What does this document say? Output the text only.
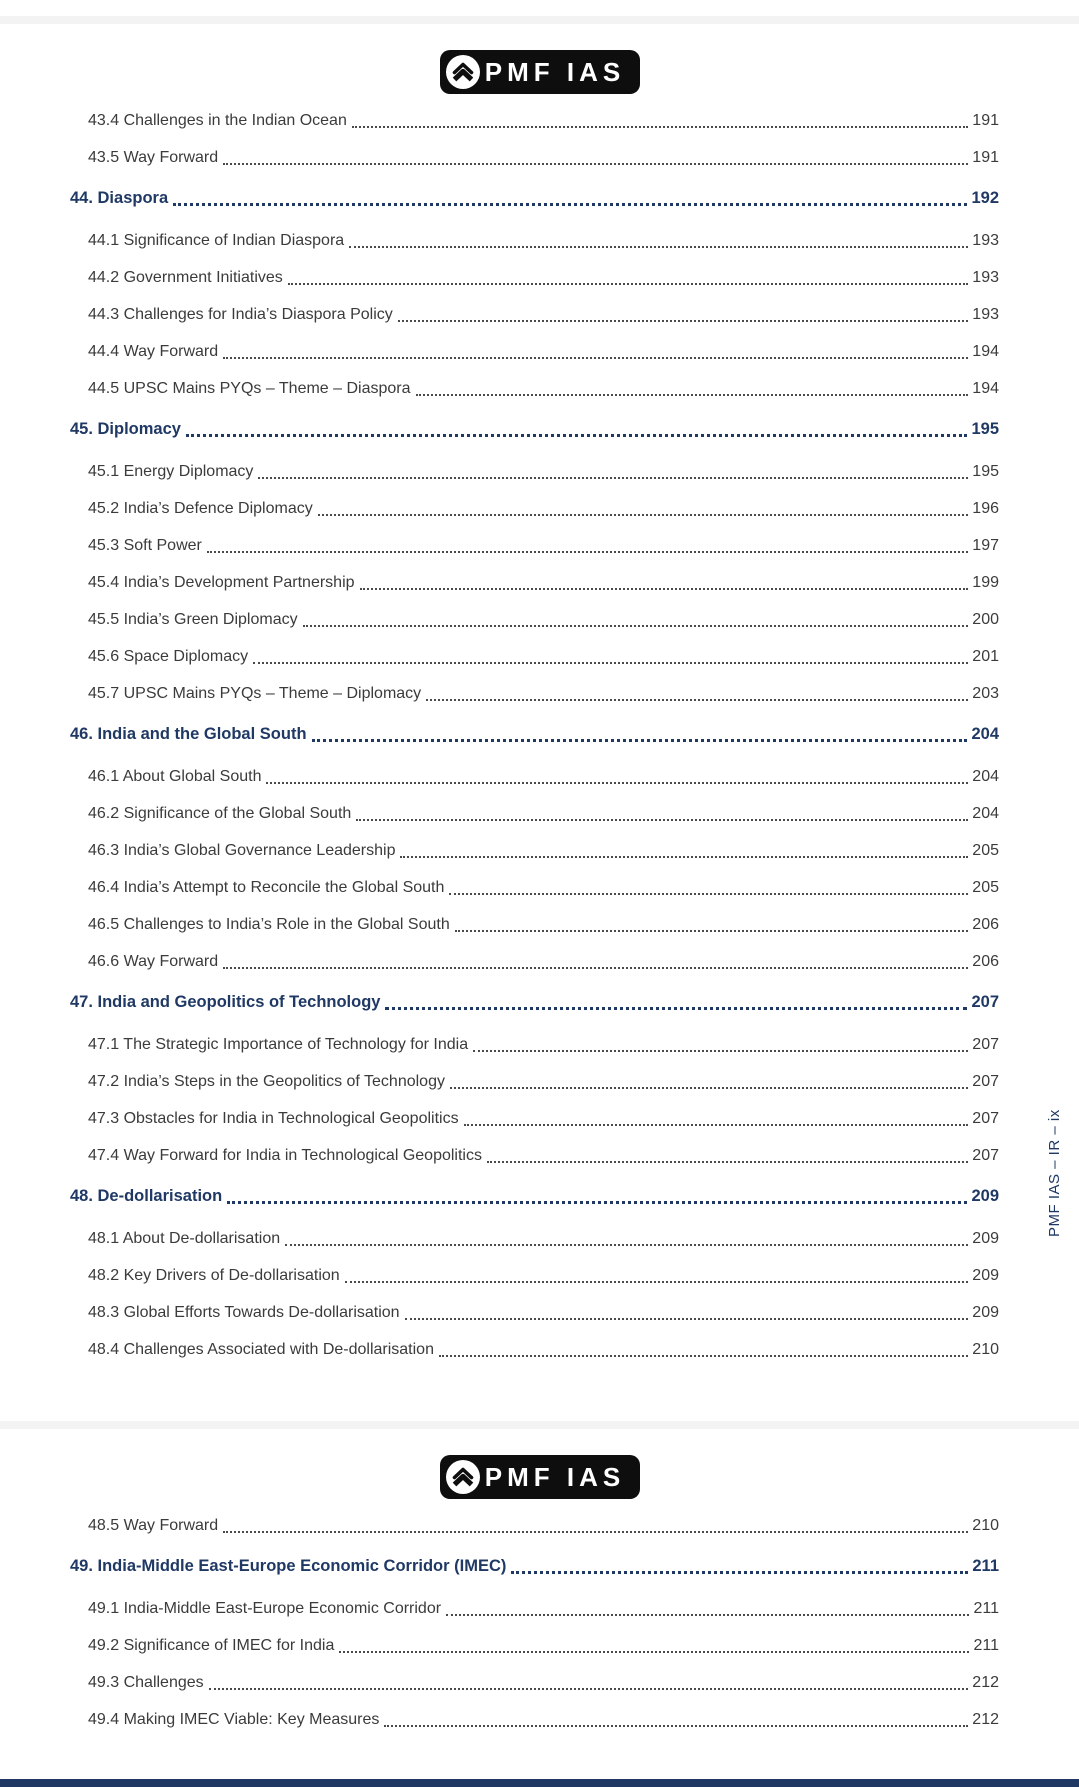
PMF IAS
43.4 Challenges in the Indian Ocean	191
43.5 Way Forward	191
44. Diaspora	192
44.1 Significance of Indian Diaspora	193
44.2 Government Initiatives	193
44.3 Challenges for India’s Diaspora Policy	193
44.4 Way Forward	194
44.5 UPSC Mains PYQs – Theme – Diaspora	194
45. Diplomacy	195
45.1 Energy Diplomacy	195
45.2 India’s Defence Diplomacy	196
45.3 Soft Power	197
45.4 India’s Development Partnership	199
45.5 India’s Green Diplomacy	200
45.6 Space Diplomacy	201
45.7 UPSC Mains PYQs – Theme – Diplomacy	203
46. India and the Global South	204
46.1 About Global South	204
46.2 Significance of the Global South	204
46.3 India’s Global Governance Leadership	205
46.4 India’s Attempt to Reconcile the Global South	205
46.5 Challenges to India’s Role in the Global South	206
46.6 Way Forward	206
47. India and Geopolitics of Technology	207
47.1 The Strategic Importance of Technology for India	207
47.2 India’s Steps in the Geopolitics of Technology	207
47.3 Obstacles for India in Technological Geopolitics	207
47.4 Way Forward for India in Technological Geopolitics	207
48. De-dollarisation	209
48.1 About De-dollarisation	209
48.2 Key Drivers of De-dollarisation	209
48.3 Global Efforts Towards De-dollarisation	209
48.4 Challenges Associated with De-dollarisation	210
PMF IAS – IR – ix
PMF IAS
48.5 Way Forward	210
49. India-Middle East-Europe Economic Corridor (IMEC)	211
49.1 India-Middle East-Europe Economic Corridor	211
49.2 Significance of IMEC for India	211
49.3 Challenges	212
49.4 Making IMEC Viable: Key Measures	212
